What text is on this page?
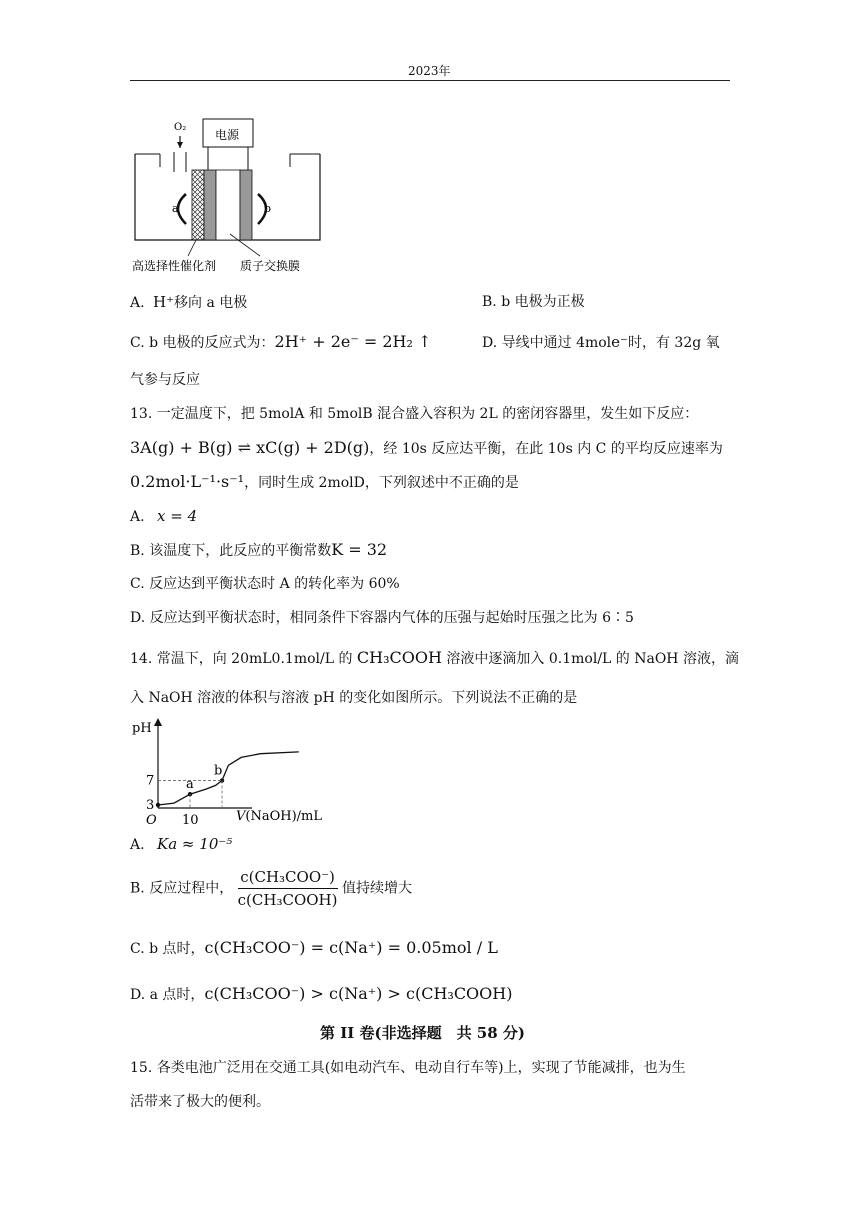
2023年
O₂
电源
a	b
高选择性催化剂 质子交换膜
A. H⁺移向 a 电极	B. b 电极为正极
C. b 电极的反应式为：2H⁺ + 2e⁻ = 2H₂ ↑	D. 导线中通过 4mole⁻时，有 32g 氧
气参与反应
13. 一定温度下，把 5molA 和 5molB 混合盛入容积为 2L 的密闭容器里，发生如下反应：
3A(g) + B(g) ⇌ xC(g) + 2D(g)，经 10s 反应达平衡，在此 10s 内 C 的平均反应速率为
0.2mol·L⁻¹·s⁻¹，同时生成 2molD，下列叙述中不正确的是
A. x = 4
B. 该温度下，此反应的平衡常数K = 32
C. 反应达到平衡状态时 A 的转化率为 60%
D. 反应达到平衡状态时，相同条件下容器内气体的压强与起始时压强之比为 6∶5
14. 常温下，向 20mL0.1mol/L 的 CH₃COOH 溶液中逐滴加入 0.1mol/L 的 NaOH 溶液，滴
入 NaOH 溶液的体积与溶液 pH 的变化如图所示。下列说法不正确的是
pH
O	V(NaOH)/mL
3
7
10
a
b
A. Ka ≈ 10⁻⁵
B. 反应过程中， $\frac{\text{c(CH₃COO⁻)}}{\text{c(CH₃COOH)}}$ 值持续增大
C. b 点时，c(CH₃COO⁻) = c(Na⁺) = 0.05mol / L
D. a 点时，c(CH₃COO⁻) > c(Na⁺) > c(CH₃COOH)
第 II 卷(非选择题　共 58 分)
15. 各类电池广泛用在交通工具(如电动汽车、电动自行车等)上，实现了节能减排，也为生
活带来了极大的便利。
